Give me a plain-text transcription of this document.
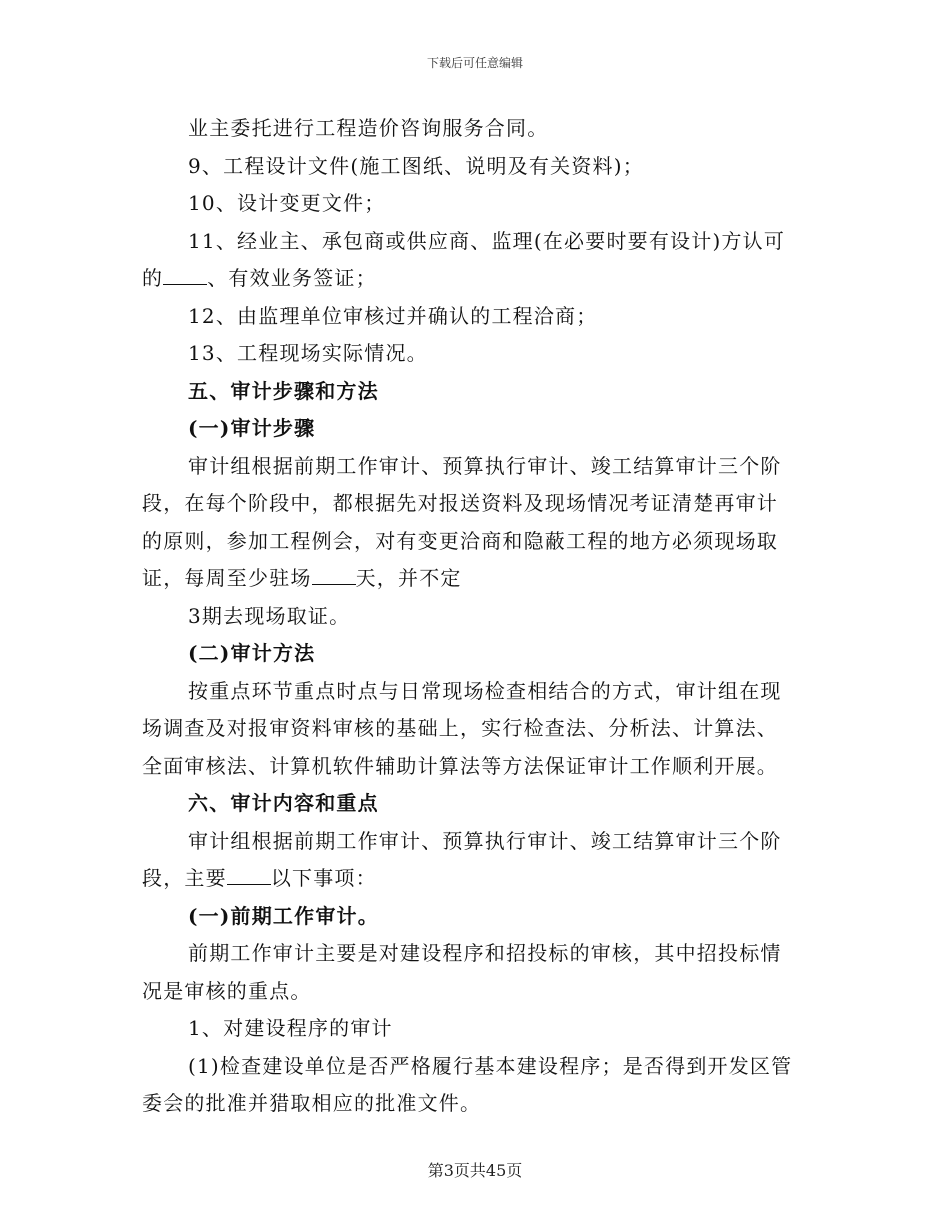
下载后可任意编辑

业主委托进行工程造价咨询服务合同。

9、工程设计文件(施工图纸、说明及有关资料)；

10、设计变更文件；

11、经业主、承包商或供应商、监理(在必要时要有设计)方认可

的 、有效业务签证；

12、由监理单位审核过并确认的工程洽商；

13、工程现场实际情况。

五、审计步骤和方法

(一)审计步骤

审计组根据前期工作审计、预算执行审计、竣工结算审计三个阶

段，在每个阶段中，都根据先对报送资料及现场情况考证清楚再审计

的原则，参加工程例会，对有变更洽商和隐蔽工程的地方必须现场取

证，每周至少驻场 天，并不定

3期去现场取证。

(二)审计方法

按重点环节重点时点与日常现场检查相结合的方式，审计组在现

场调查及对报审资料审核的基础上，实行检查法、分析法、计算法、

全面审核法、计算机软件辅助计算法等方法保证审计工作顺利开展。

六、审计内容和重点

审计组根据前期工作审计、预算执行审计、竣工结算审计三个阶

段，主要 以下事项：

(一)前期工作审计。

前期工作审计主要是对建设程序和招投标的审核，其中招投标情

况是审核的重点。

1、对建设程序的审计

(1)检查建设单位是否严格履行基本建设程序；是否得到开发区管

委会的批准并猎取相应的批准文件。

第3页共45页
